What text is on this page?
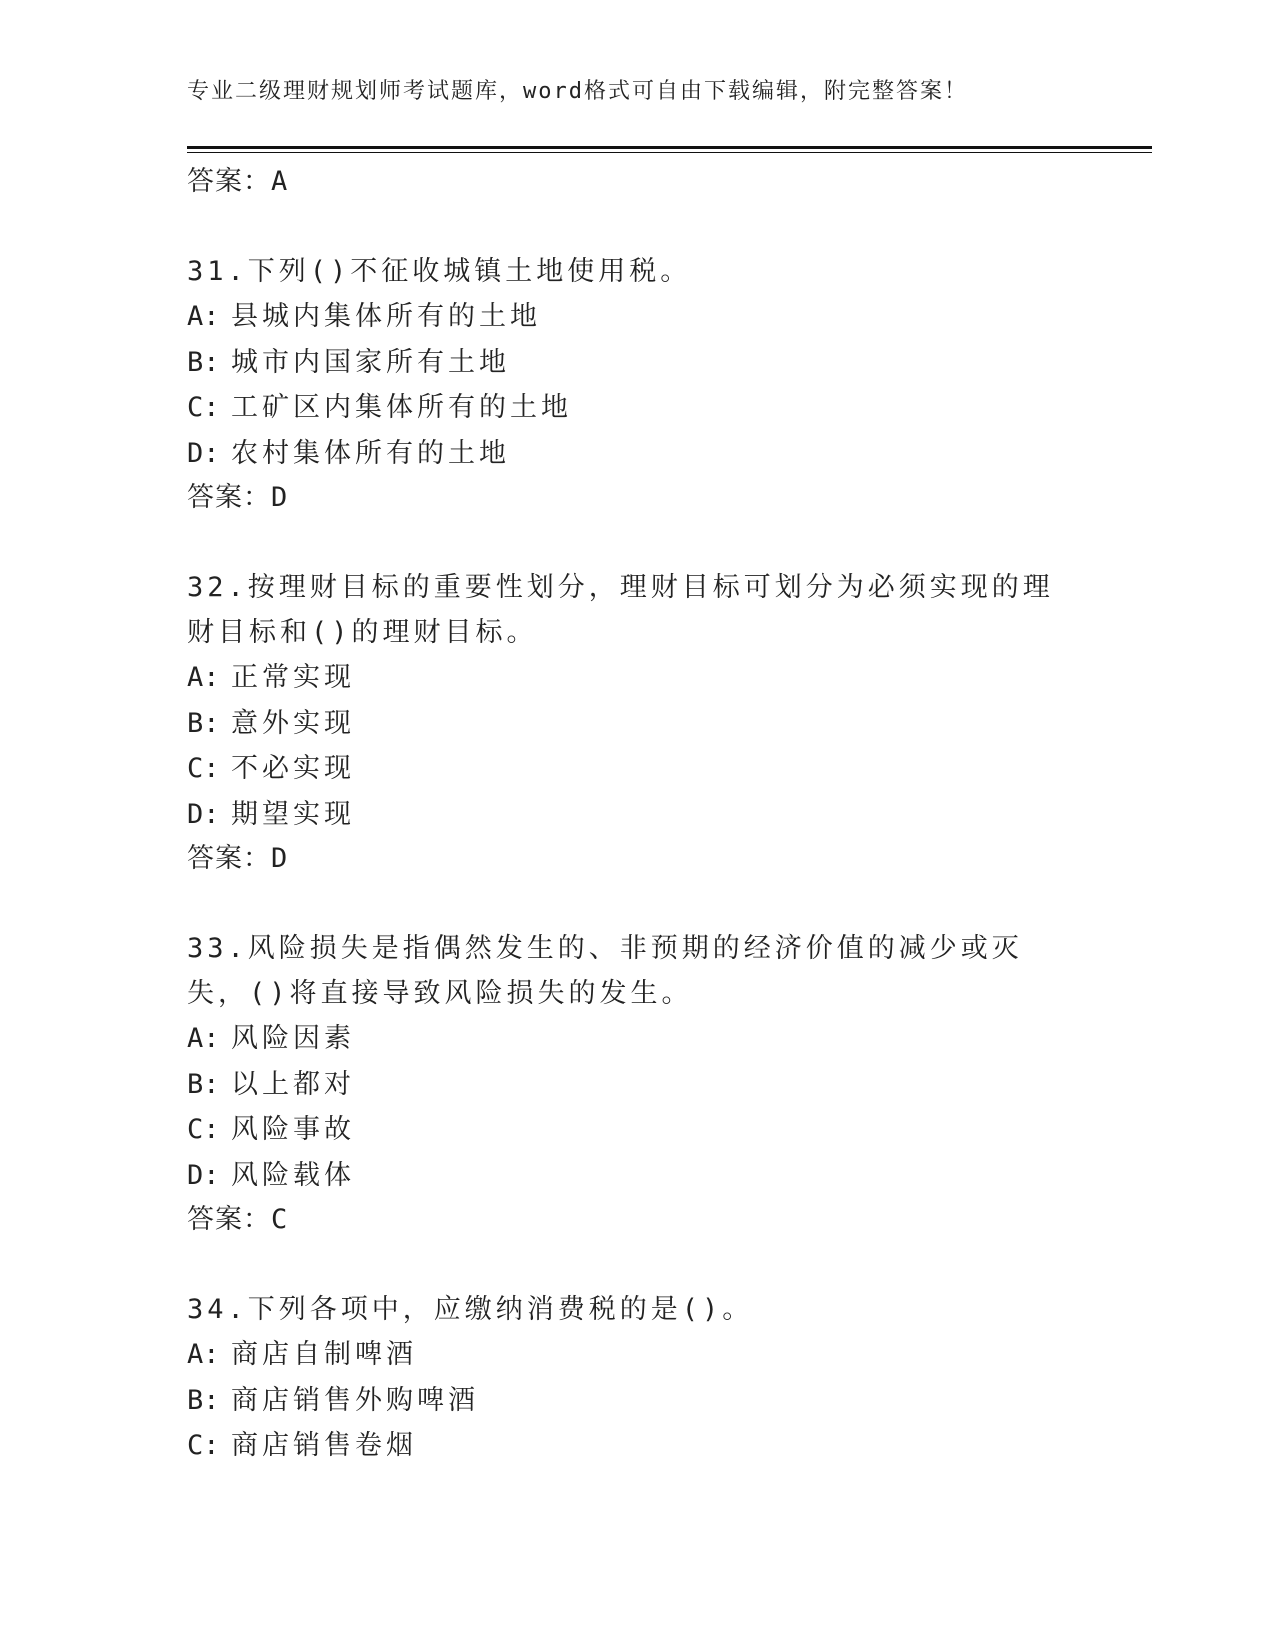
专业二级理财规划师考试题库，word格式可自由下载编辑，附完整答案！
答案：A
31.下列()不征收城镇土地使用税。
A: 县城内集体所有的土地
B: 城市内国家所有土地
C: 工矿区内集体所有的土地
D: 农村集体所有的土地
答案：D
32.按理财目标的重要性划分，理财目标可划分为必须实现的理财目标和()的理财目标。
A: 正常实现
B: 意外实现
C: 不必实现
D: 期望实现
答案：D
33.风险损失是指偶然发生的、非预期的经济价值的减少或灭失，()将直接导致风险损失的发生。
A: 风险因素
B: 以上都对
C: 风险事故
D: 风险载体
答案：C
34.下列各项中，应缴纳消费税的是()。
A: 商店自制啤酒
B: 商店销售外购啤酒
C: 商店销售卷烟
